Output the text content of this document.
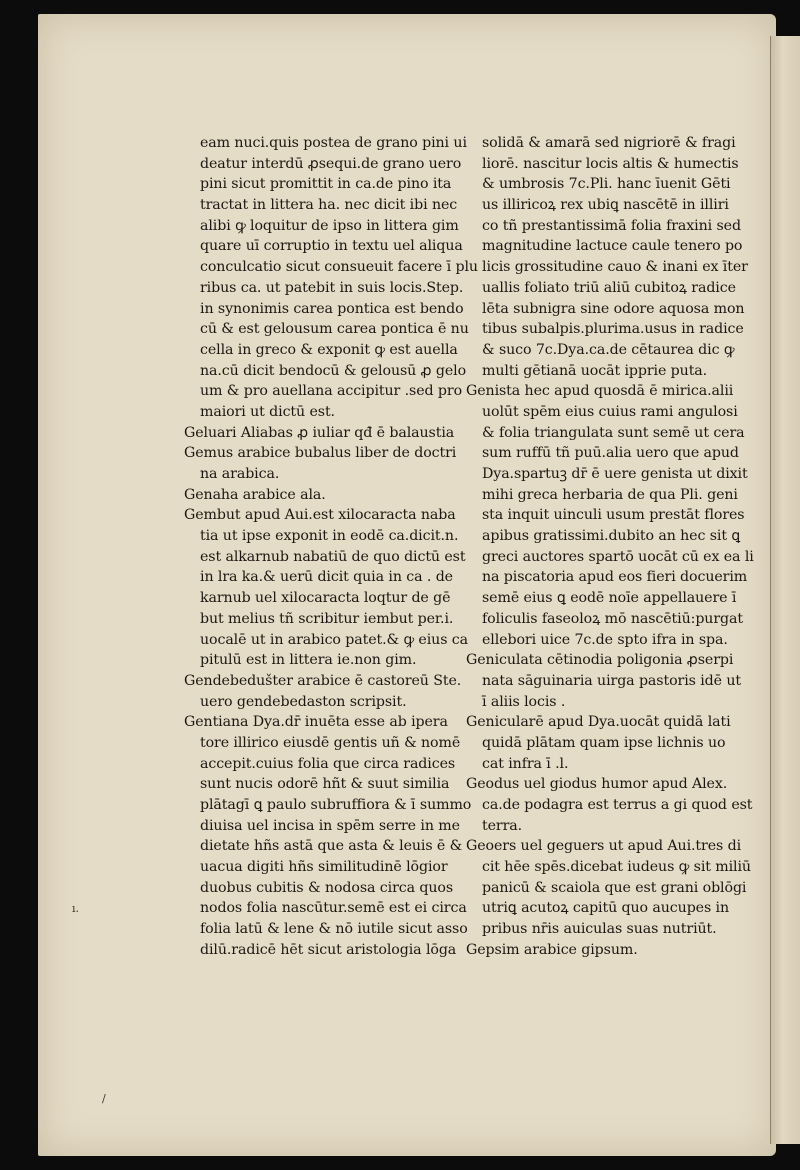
ı.
/
eam nuci.quis postea de grano pini ui
deatur interdū ꝓsequi.de grano uero
pini sicut promittit in ca.de pino ita
tractat in littera ha. nec dicit ibi nec
alibi ꝙ loquitur de ipso in littera gim
quare uī corruptio in textu uel aliqua
conculcatio sicut consueuit facere ī plu
ribus ca. ut patebit in suis locis.Step.
in synonimis carea pontica est bendo
cū & est gelousum carea pontica ē nu
cella in greco & exponit ꝙ est auella
na.cū dicit bendocū & gelousū ꝓ gelo
um & pro auellana accipitur .sed pro
maiori ut dictū est.
Geluari Aliabas ꝓ iuliar qđ ē balaustia
Gemus arabice bubalus liber de doctri
na arabica.
Genaha arabice ala.
Gembut apud Aui.est xilocaracta naba
tia ut ipse exponit in eodē ca.dicit.n.
est alkarnub nabatiū de quo dictū est
in lra ka.& uerū dicit quia in ca . de
karnub uel xilocaracta loqtur de gē
but melius tñ scribitur iembut per.i.
uocalē ut in arabico patet.& ꝙ eius ca
pitulū est in littera ie.non gim.
Gendebedušter arabice ē castoreū Ste.
uero gendebedaston scripsit.
Gentiana Dya.dr̄ inuēta esse ab ipera
tore illirico eiusdē gentis uñ & nomē
accepit.cuius folia que circa radices
sunt nucis odorē hñt & suut similia
plātagī ꝗ paulo subruffiora & ī summo
diuisa uel incisa in spēm serre in me
dietate hñs astā que asta & leuis ē &
uacua digiti hñs similitudinē lōgior
duobus cubitis & nodosa circa quos
nodos folia nascūtur.semē est ei circa
folia latū & lene & nō iutile sicut asso
dilū.radicē hēt sicut aristologia lōga
solidā & amarā sed nigriorē & fragi
liorē. nascitur locis altis & humectis
& umbrosis 7c.Pli. hanc īuenit Gēti
us illiricoꝝ rex ubiꝗ nascētē in illiri
co tñ prestantissimā folia fraxini sed
magnitudine lactuce caule tenero po
licis grossitudine cauo & inani ex īter
uallis foliato triū aliū cubitoꝝ radice
lēta subnigra sine odore aquosa mon
tibus subalpis.plurima.usus in radice
& suco 7c.Dya.ca.de cētaurea dic ꝙ
multi gētianā uocāt ipprie puta.
Genista hec apud quosdā ē mirica.alii
uolūt spēm eius cuius rami angulosi
& folia triangulata sunt semē ut cera
sum ruffū tñ puū.alia uero que apud
Dya.spartuꝫ dr̄ ē uere genista ut dixit
mihi greca herbaria de qua Pli. geni
sta inquit uinculi usum prestāt flores
apibus gratissimi.dubito an hec sit ꝗ
greci auctores spartō uocāt cū ex ea li
na piscatoria apud eos fieri docuerim
semē eius ꝗ eodē noīe appellauere ī
foliculis faseoloꝝ mō nascētiū:purgat
ellebori uice 7c.de spto ifra in spa.
Geniculata cētinodia poligonia ꝓserpi
nata sāguinaria uirga pastoris idē ut
ī aliis locis .
Genicularē apud Dya.uocāt quidā lati
quidā plātam quam ipse lichnis uo
cat infra ī .l.
Geodus uel giodus humor apud Alex.
ca.de podagra est terrus a gi quod est
terra.
Geoers uel geguers ut apud Aui.tres di
cit hēe spēs.dicebat iudeus ꝙ sit miliū
panicū & scaiola que est grani oblōgi
utriꝗ acutoꝝ capitū quo aucupes in
pribus nr̄is auiculas suas nutriūt.
Gepsim arabice gipsum.
